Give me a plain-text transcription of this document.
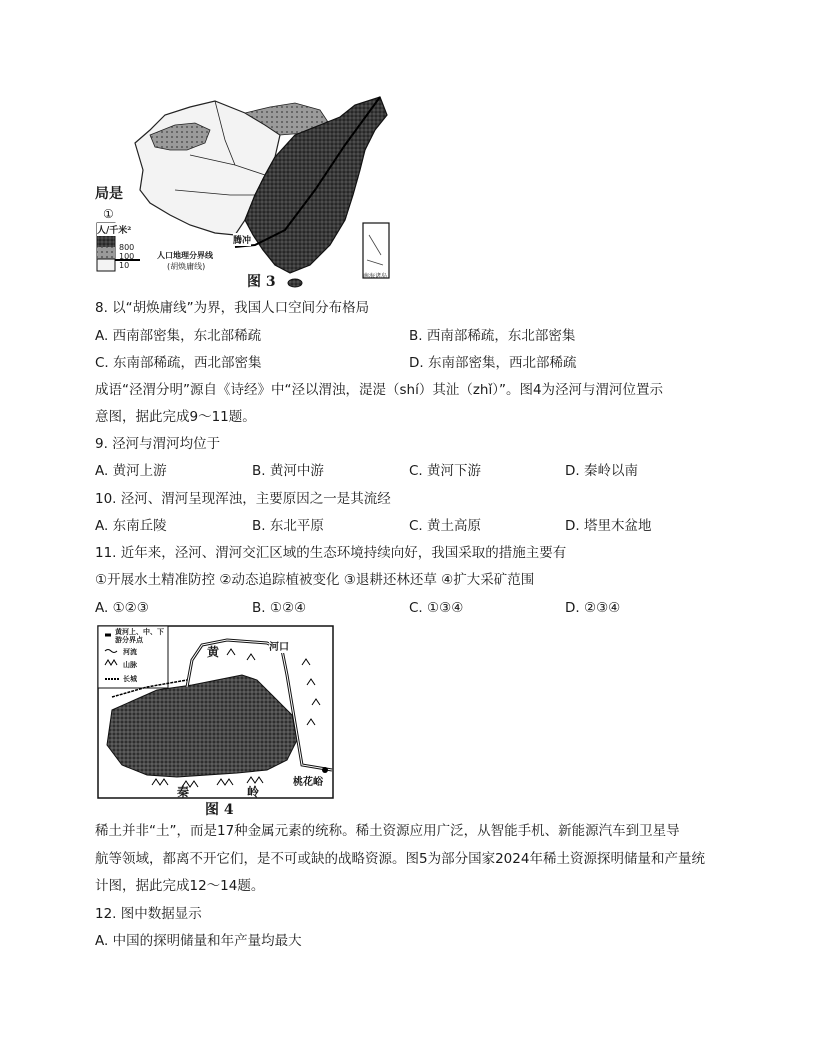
局是
①
人/千米²
800
100
10
人口地理分界线
(胡焕庸线)
腾冲
南海诸岛
图 3
8. 以“胡焕庸线”为界，我国人口空间分布格局
A. 西南部密集，东北部稀疏	B. 西南部稀疏，东北部密集
C. 东南部稀疏，西北部密集	D. 东南部密集，西北部稀疏
成语“泾渭分明”源自《诗经》中“泾以渭浊，湜湜（shí）其沚（zhǐ）”。图4为泾河与渭河位置示
意图，据此完成9～11题。
9. 泾河与渭河均位于
A. 黄河上游	B. 黄河中游	C. 黄河下游	D. 秦岭以南
10. 泾河、渭河呈现浑浊，主要原因之一是其流经
A. 东南丘陵	B. 东北平原	C. 黄土高原	D. 塔里木盆地
11. 近年来，泾河、渭河交汇区域的生态环境持续向好，我国采取的措施主要有
①开展水土精准防控 ②动态追踪植被变化 ③退耕还林还草 ④扩大采矿范围
A. ①②③	B. ①②④	C. ①③④	D. ②③④
黄河上、中、下游分界点
河流
山脉
长城
黄	河口
桃花峪
秦	岭
图 4
稀土并非“土”，而是17种金属元素的统称。稀土资源应用广泛，从智能手机、新能源汽车到卫星导
航等领域，都离不开它们，是不可或缺的战略资源。图5为部分国家2024年稀土资源探明储量和产量统
计图，据此完成12～14题。
12. 图中数据显示
A. 中国的探明储量和年产量均最大
